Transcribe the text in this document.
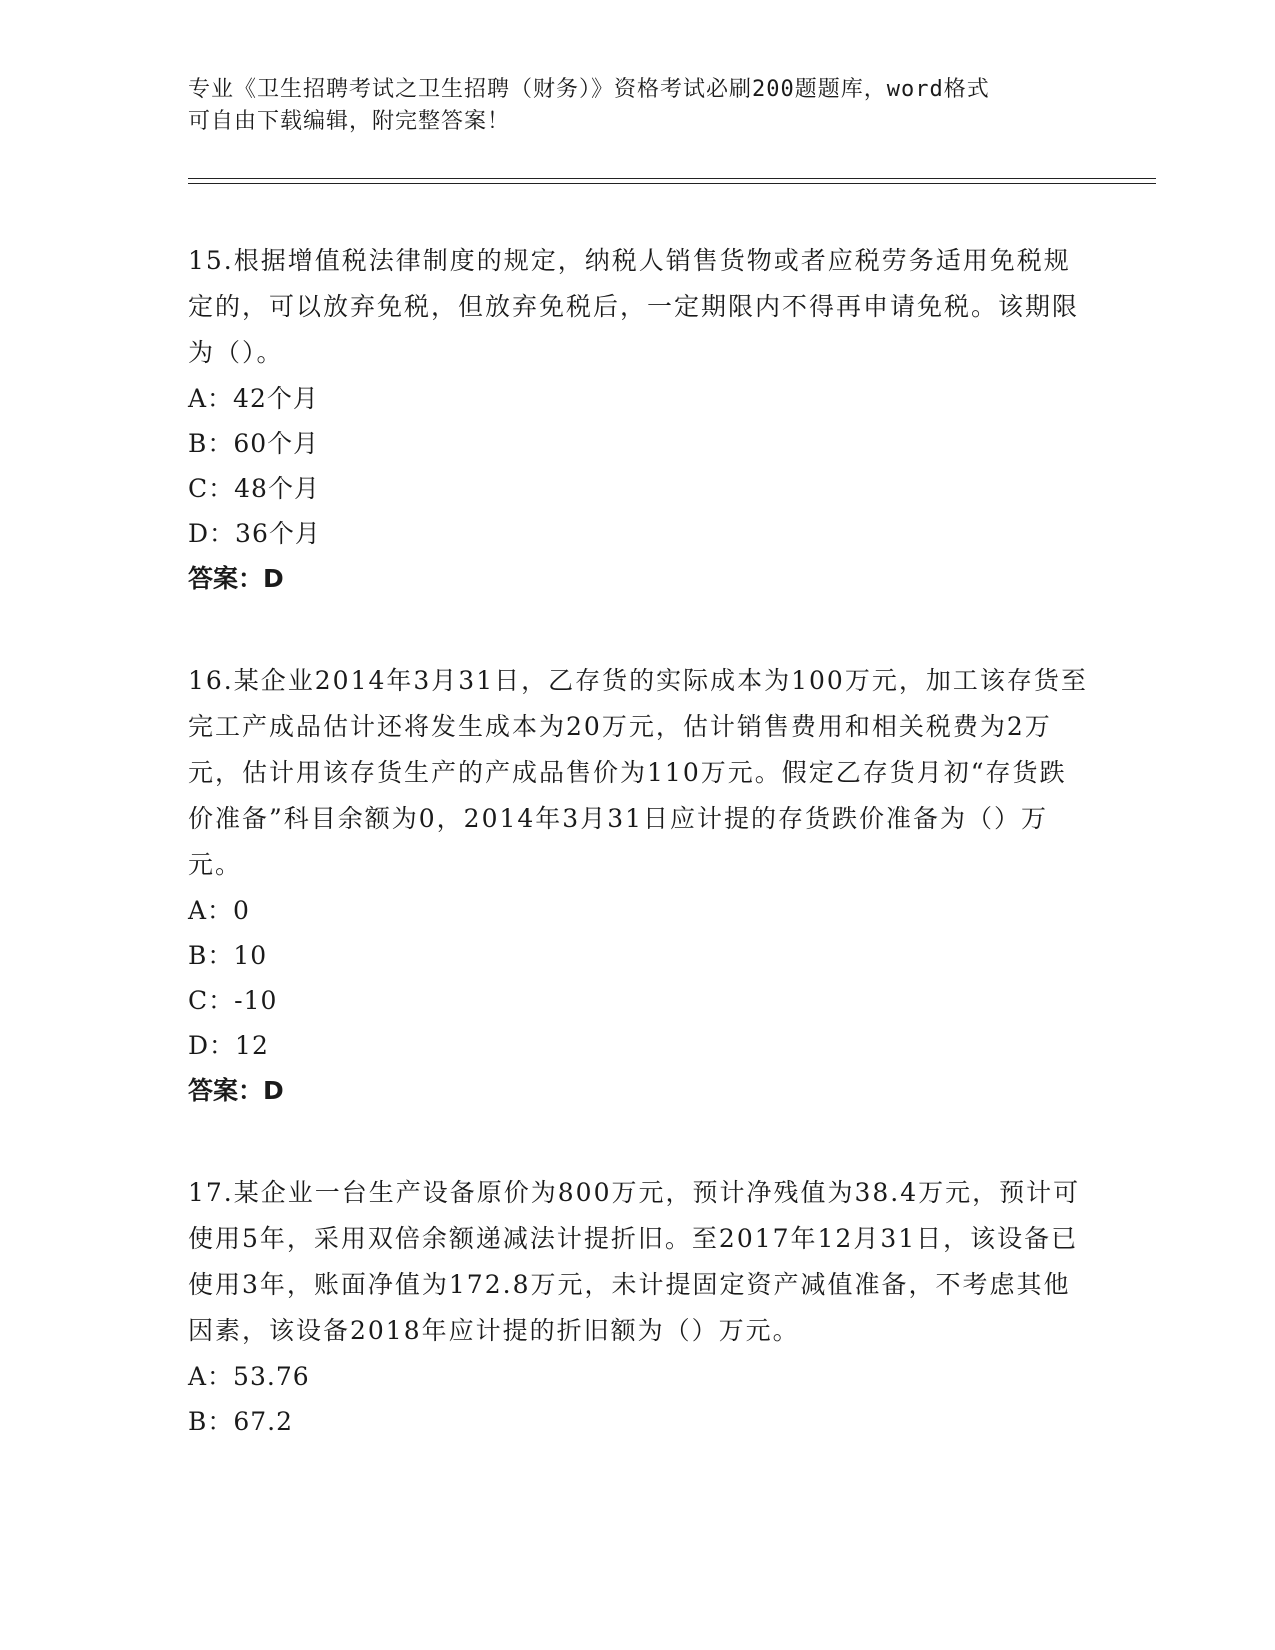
专业《卫生招聘考试之卫生招聘（财务）》资格考试必刷200题题库，word格式
可自由下载编辑，附完整答案！

15.根据增值税法律制度的规定，纳税人销售货物或者应税劳务适用免税规定的，可以放弃免税，但放弃免税后，一定期限内不得再申请免税。该期限为（）。

A：42个月

B：60个月

C：48个月

D：36个月

答案：D

16.某企业2014年3月31日，乙存货的实际成本为100万元，加工该存货至完工产成品估计还将发生成本为20万元，估计销售费用和相关税费为2万元，估计用该存货生产的产成品售价为110万元。假定乙存货月初“存货跌价准备”科目余额为0，2014年3月31日应计提的存货跌价准备为（）万元。

A：0

B：10

C：-10

D：12

答案：D

17.某企业一台生产设备原价为800万元，预计净残值为38.4万元，预计可使用5年，采用双倍余额递减法计提折旧。至2017年12月31日，该设备已使用3年，账面净值为172.8万元，未计提固定资产减值准备，不考虑其他因素，该设备2018年应计提的折旧额为（）万元。

A：53.76

B：67.2
